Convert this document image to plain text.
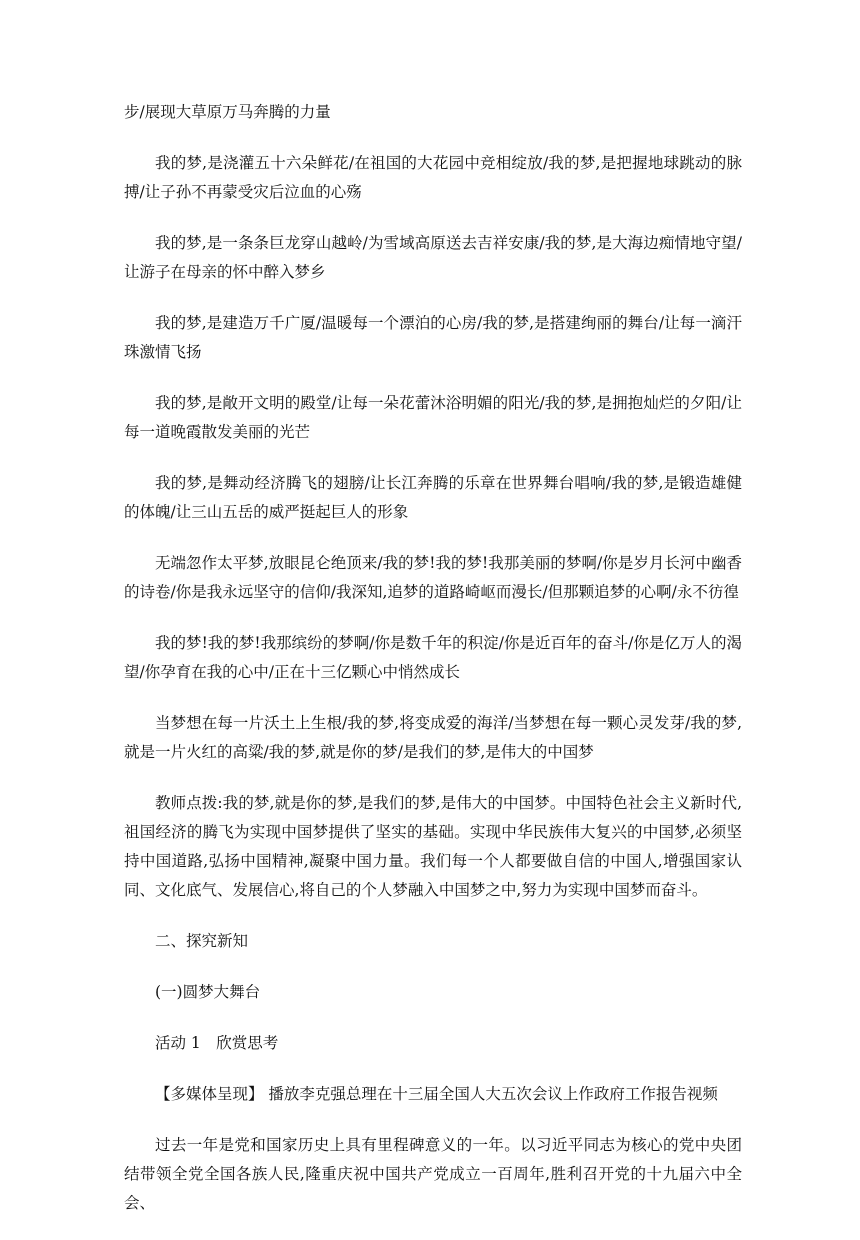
步/展现大草原万马奔腾的力量

我的梦,是浇灌五十六朵鲜花/在祖国的大花园中竞相绽放/我的梦,是把握地球跳动的脉搏/让子孙不再蒙受灾后泣血的心殇

我的梦,是一条条巨龙穿山越岭/为雪域高原送去吉祥安康/我的梦,是大海边痴情地守望/让游子在母亲的怀中醉入梦乡

我的梦,是建造万千广厦/温暖每一个漂泊的心房/我的梦,是搭建绚丽的舞台/让每一滴汗珠激情飞扬

我的梦,是敞开文明的殿堂/让每一朵花蕾沐浴明媚的阳光/我的梦,是拥抱灿烂的夕阳/让每一道晚霞散发美丽的光芒

我的梦,是舞动经济腾飞的翅膀/让长江奔腾的乐章在世界舞台唱响/我的梦,是锻造雄健的体魄/让三山五岳的威严挺起巨人的形象

无端忽作太平梦,放眼昆仑绝顶来/我的梦!我的梦!我那美丽的梦啊/你是岁月长河中幽香的诗卷/你是我永远坚守的信仰/我深知,追梦的道路崎岖而漫长/但那颗追梦的心啊/永不彷徨

我的梦!我的梦!我那缤纷的梦啊/你是数千年的积淀/你是近百年的奋斗/你是亿万人的渴望/你孕育在我的心中/正在十三亿颗心中悄然成长

当梦想在每一片沃土上生根/我的梦,将变成爱的海洋/当梦想在每一颗心灵发芽/我的梦,就是一片火红的高粱/我的梦,就是你的梦/是我们的梦,是伟大的中国梦

教师点拨:我的梦,就是你的梦,是我们的梦,是伟大的中国梦。中国特色社会主义新时代,祖国经济的腾飞为实现中国梦提供了坚实的基础。实现中华民族伟大复兴的中国梦,必须坚持中国道路,弘扬中国精神,凝聚中国力量。我们每一个人都要做自信的中国人,增强国家认同、文化底气、发展信心,将自己的个人梦融入中国梦之中,努力为实现中国梦而奋斗。

二、探究新知

(一)圆梦大舞台

活动 1　欣赏思考

【多媒体呈现】 播放李克强总理在十三届全国人大五次会议上作政府工作报告视频

过去一年是党和国家历史上具有里程碑意义的一年。以习近平同志为核心的党中央团结带领全党全国各族人民,隆重庆祝中国共产党成立一百周年,胜利召开党的十九届六中全会、
